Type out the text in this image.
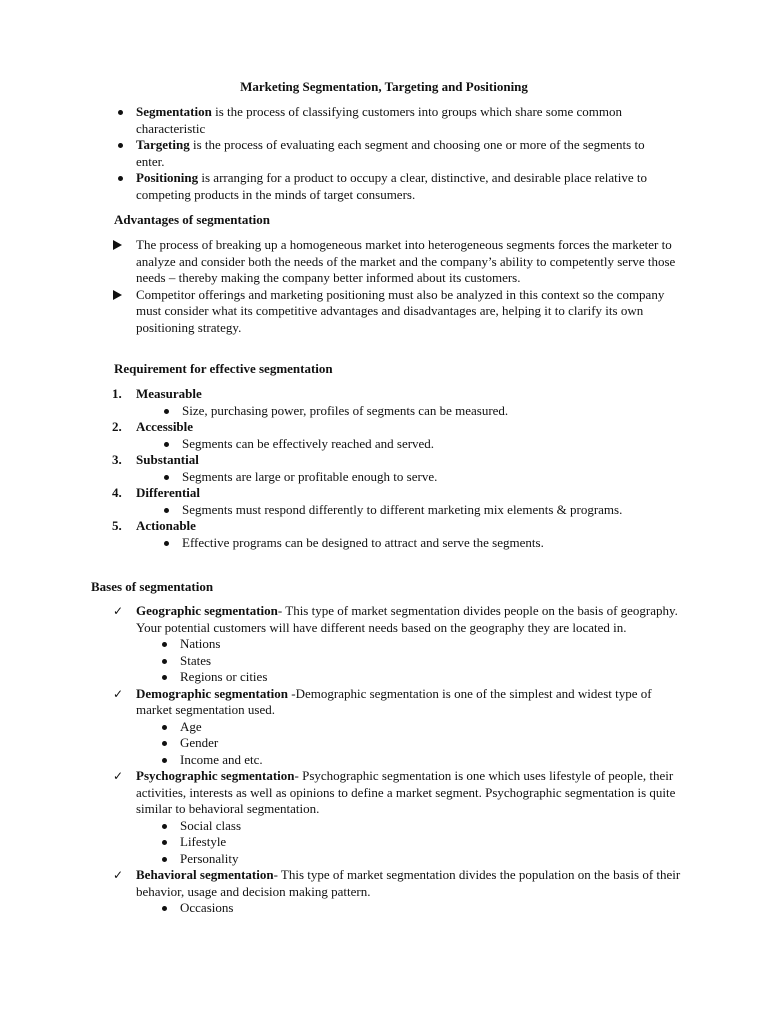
Marketing Segmentation, Targeting and Positioning
Segmentation is the process of classifying customers into groups which share some common characteristic
Targeting is the process of evaluating each segment and choosing one or more of the segments to enter.
Positioning is arranging for a product to occupy a clear, distinctive, and desirable place relative to competing products in the minds of target consumers.
Advantages of segmentation
The process of breaking up a homogeneous market into heterogeneous segments forces the marketer to analyze and consider both the needs of the market and the company’s ability to competently serve those needs – thereby making the company better informed about its customers.
Competitor offerings and marketing positioning must also be analyzed in this context so the company must consider what its competitive advantages and disadvantages are, helping it to clarify its own positioning strategy.
Requirement for effective segmentation
1. Measurable
Size, purchasing power, profiles of segments can be measured.
2. Accessible
Segments can be effectively reached and served.
3. Substantial
Segments are large or profitable enough to serve.
4. Differential
Segments must respond differently to different marketing mix elements & programs.
5. Actionable
Effective programs can be designed to attract and serve the segments.
Bases of segmentation
✓ Geographic segmentation- This type of market segmentation divides people on the basis of geography. Your potential customers will have different needs based on the geography they are located in.
Nations
States
Regions or cities
✓ Demographic segmentation -Demographic segmentation is one of the simplest and widest type of market segmentation used.
Age
Gender
Income and etc.
✓ Psychographic segmentation- Psychographic segmentation is one which uses lifestyle of people, their activities, interests as well as opinions to define a market segment. Psychographic segmentation is quite similar to behavioral segmentation.
Social class
Lifestyle
Personality
✓ Behavioral segmentation- This type of market segmentation divides the population on the basis of their behavior, usage and decision making pattern.
Occasions
